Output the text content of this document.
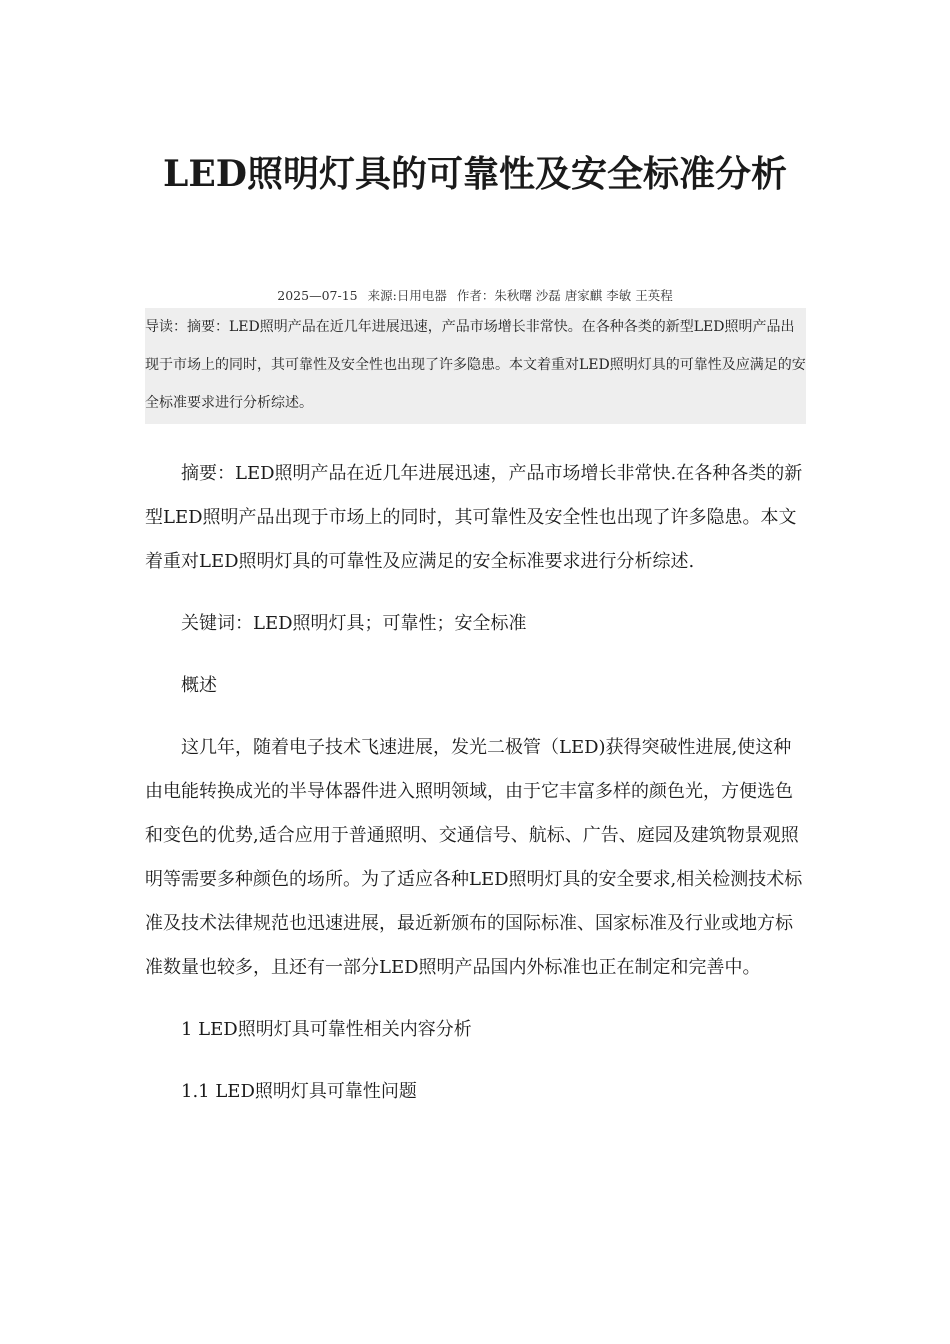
LED照明灯具的可靠性及安全标准分析
2025—07-15 来源:日用电器 作者：朱秋曙 沙磊 唐家麒 李敏 王英程
导读：摘要：LED照明产品在近几年进展迅速，产品市场增长非常快。在各种各类的新型LED照明产品出现于市场上的同时，其可靠性及安全性也出现了许多隐患。本文着重对LED照明灯具的可靠性及应满足的安全标准要求进行分析综述。

摘要：LED照明产品在近几年进展迅速，产品市场增长非常快.在各种各类的新型LED照明产品出现于市场上的同时，其可靠性及安全性也出现了许多隐患。本文着重对LED照明灯具的可靠性及应满足的安全标准要求进行分析综述.

关键词：LED照明灯具；可靠性；安全标准

概述

这几年，随着电子技术飞速进展，发光二极管（LED)获得突破性进展,使这种由电能转换成光的半导体器件进入照明领域，由于它丰富多样的颜色光，方便选色和变色的优势,适合应用于普通照明、交通信号、航标、广告、庭园及建筑物景观照明等需要多种颜色的场所。为了适应各种LED照明灯具的安全要求,相关检测技术标准及技术法律规范也迅速进展，最近新颁布的国际标准、国家标准及行业或地方标准数量也较多，且还有一部分LED照明产品国内外标准也正在制定和完善中。

1 LED照明灯具可靠性相关内容分析

1.1 LED照明灯具可靠性问题
